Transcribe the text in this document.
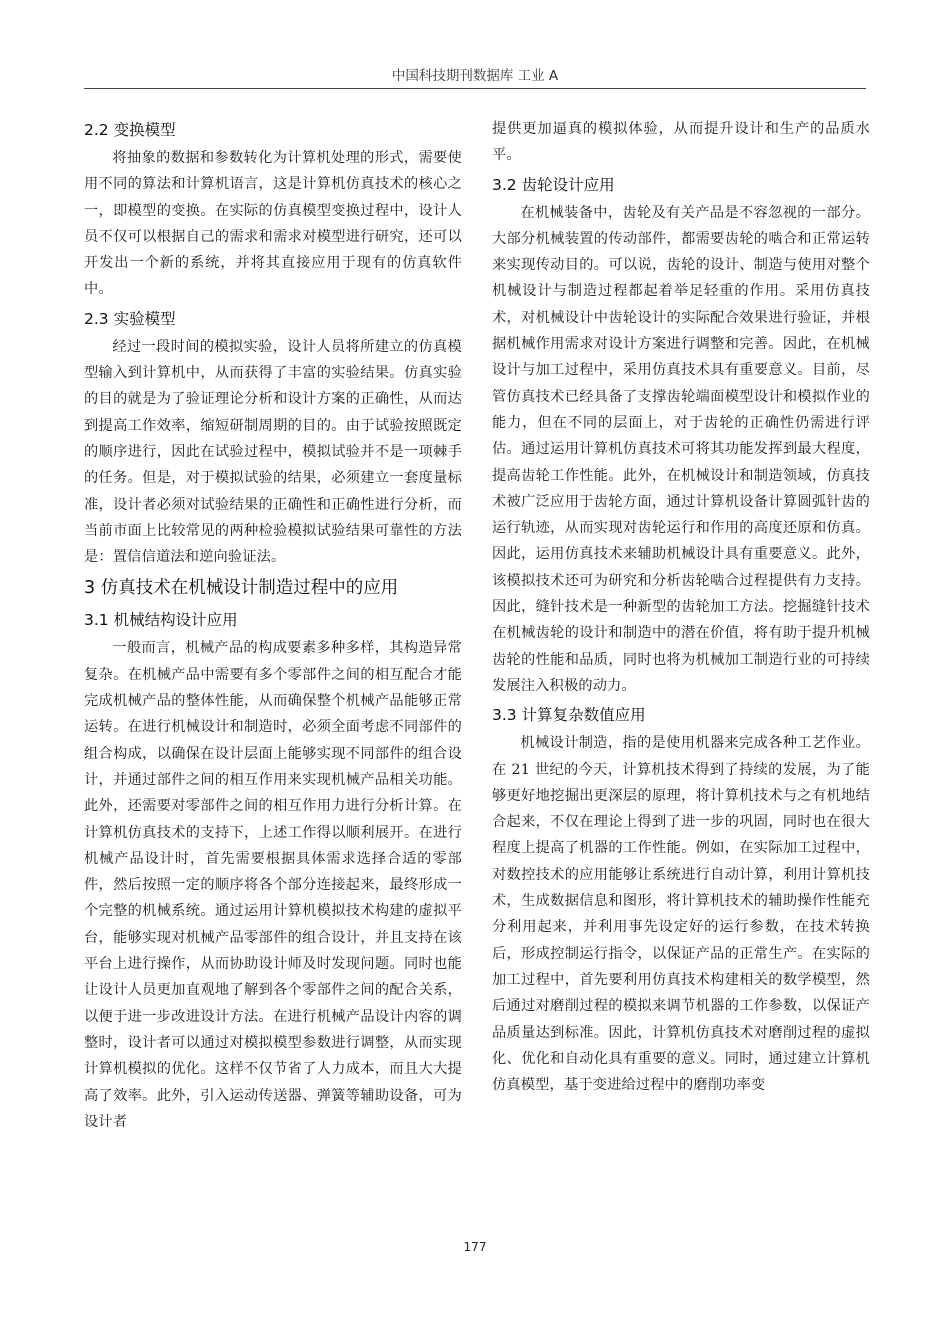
中国科技期刊数据库 工业 A
2.2 变换模型

将抽象的数据和参数转化为计算机处理的形式，需要使用不同的算法和计算机语言，这是计算机仿真技术的核心之一，即模型的变换。在实际的仿真模型变换过程中，设计人员不仅可以根据自己的需求和需求对模型进行研究，还可以开发出一个新的系统，并将其直接应用于现有的仿真软件中。

2.3 实验模型

经过一段时间的模拟实验，设计人员将所建立的仿真模型输入到计算机中，从而获得了丰富的实验结果。仿真实验的目的就是为了验证理论分析和设计方案的正确性，从而达到提高工作效率，缩短研制周期的目的。由于试验按照既定的顺序进行，因此在试验过程中，模拟试验并不是一项棘手的任务。但是，对于模拟试验的结果，必须建立一套度量标准，设计者必须对试验结果的正确性和正确性进行分析，而当前市面上比较常见的两种检验模拟试验结果可靠性的方法是：置信信道法和逆向验证法。

3 仿真技术在机械设计制造过程中的应用
3.1 机械结构设计应用

一般而言，机械产品的构成要素多种多样，其构造异常复杂。在机械产品中需要有多个零部件之间的相互配合才能完成机械产品的整体性能，从而确保整个机械产品能够正常运转。在进行机械设计和制造时，必须全面考虑不同部件的组合构成，以确保在设计层面上能够实现不同部件的组合设计，并通过部件之间的相互作用来实现机械产品相关功能。此外，还需要对零部件之间的相互作用力进行分析计算。在计算机仿真技术的支持下，上述工作得以顺利展开。在进行机械产品设计时，首先需要根据具体需求选择合适的零部件，然后按照一定的顺序将各个部分连接起来，最终形成一个完整的机械系统。通过运用计算机模拟技术构建的虚拟平台，能够实现对机械产品零部件的组合设计，并且支持在该平台上进行操作，从而协助设计师及时发现问题。同时也能让设计人员更加直观地了解到各个零部件之间的配合关系，以便于进一步改进设计方法。在进行机械产品设计内容的调整时，设计者可以通过对模拟模型参数进行调整，从而实现计算机模拟的优化。这样不仅节省了人力成本，而且大大提高了效率。此外，引入运动传送器、弹簧等辅助设备，可为设计者

提供更加逼真的模拟体验，从而提升设计和生产的品质水平。

3.2 齿轮设计应用

在机械装备中，齿轮及有关产品是不容忽视的一部分。大部分机械装置的传动部件，都需要齿轮的啮合和正常运转来实现传动目的。可以说，齿轮的设计、制造与使用对整个机械设计与制造过程都起着举足轻重的作用。采用仿真技术，对机械设计中齿轮设计的实际配合效果进行验证，并根据机械作用需求对设计方案进行调整和完善。因此，在机械设计与加工过程中，采用仿真技术具有重要意义。目前，尽管仿真技术已经具备了支撑齿轮端面模型设计和模拟作业的能力，但在不同的层面上，对于齿轮的正确性仍需进行评估。通过运用计算机仿真技术可将其功能发挥到最大程度，提高齿轮工作性能。此外，在机械设计和制造领域，仿真技术被广泛应用于齿轮方面，通过计算机设备计算圆弧针齿的运行轨迹，从而实现对齿轮运行和作用的高度还原和仿真。因此，运用仿真技术来辅助机械设计具有重要意义。此外，该模拟技术还可为研究和分析齿轮啮合过程提供有力支持。因此，缝针技术是一种新型的齿轮加工方法。挖掘缝针技术在机械齿轮的设计和制造中的潜在价值，将有助于提升机械齿轮的性能和品质，同时也将为机械加工制造行业的可持续发展注入积极的动力。

3.3 计算复杂数值应用

机械设计制造，指的是使用机器来完成各种工艺作业。在 21 世纪的今天，计算机技术得到了持续的发展，为了能够更好地挖掘出更深层的原理，将计算机技术与之有机地结合起来，不仅在理论上得到了进一步的巩固，同时也在很大程度上提高了机器的工作性能。例如，在实际加工过程中，对数控技术的应用能够让系统进行自动计算，利用计算机技术，生成数据信息和图形，将计算机技术的辅助操作性能充分利用起来，并利用事先设定好的运行参数，在技术转换后，形成控制运行指令，以保证产品的正常生产。在实际的加工过程中，首先要利用仿真技术构建相关的数学模型，然后通过对磨削过程的模拟来调节机器的工作参数，以保证产品质量达到标准。因此，计算机仿真技术对磨削过程的虚拟化、优化和自动化具有重要的意义。同时，通过建立计算机仿真模型，基于变进给过程中的磨削功率变

177
